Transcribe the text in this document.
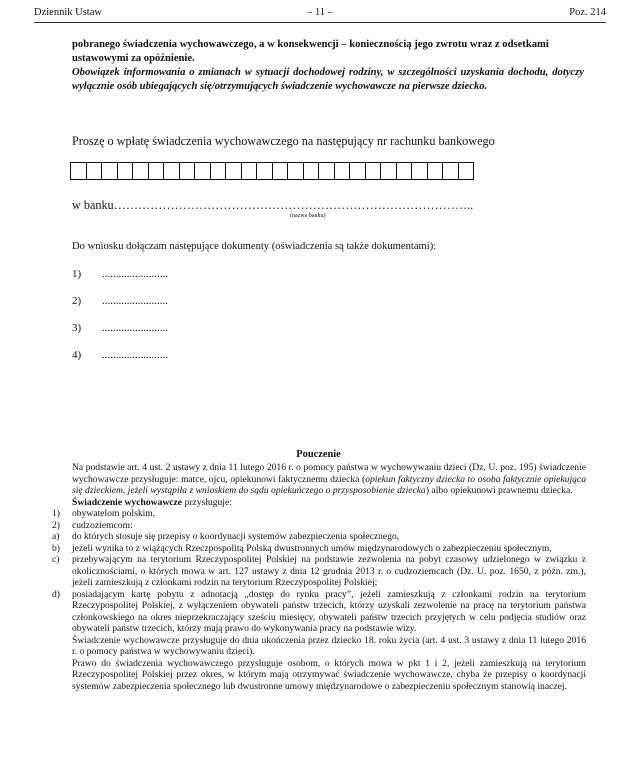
Dziennik Ustaw	– 11 –	Poz. 214

pobranego świadczenia wychowawczego, a w konsekwencji – koniecznością jego zwrotu wraz z odsetkami ustawowymi za opóźnienie.

Obowiązek informowania o zmianach w sytuacji dochodowej rodziny, w szczególności uzyskania dochodu, dotyczy wyłącznie osób ubiegających się/otrzymujących świadczenie wychowawcze na pierwsze dziecko.

Proszę o wpłatę świadczenia wychowawczego na następujący nr rachunku bankowego
w banku……………………………………………………………………………..
(nazwa banku)
Do wniosku dołączam następujące dokumenty (oświadczenia są także dokumentami):
1) ........................
2) ........................
3) ........................
4) ........................
Pouczenie

Na podstawie art. 4 ust. 2 ustawy z dnia 11 lutego 2016 r. o pomocy państwa w wychowywaniu dzieci (Dz. U. poz. 195) świadczenie wychowawcze przysługuje: matce, ojcu, opiekunowi faktycznemu dziecka (opiekun faktyczny dziecka to osoba faktycznie opiekująca się dzieckiem, jeżeli wystąpiła z wnioskiem do sądu opiekuńczego o przysposobienie dziecka) albo opiekunowi prawnemu dziecka.

Świadczenie wychowawcze przysługuje:

1)	obywatelom polskim,
2)	cudzoziemcom:
a)	do których stosuje się przepisy o koordynacji systemów zabezpieczenia społecznego,
b)	jeżeli wynika to z wiążących Rzeczpospolitą Polską dwustronnych umów międzynarodowych o zabezpieczeniu społecznym,
c)	przebywającym na terytorium Rzeczypospolitej Polskiej na podstawie zezwolenia na pobyt czasowy udzielonego w związku z okolicznościami, o których mowa w art. 127 ustawy z dnia 12 grudnia 2013 r. o cudzoziemcach (Dz. U. poz. 1650, z późn. zm.), jeżeli zamieszkują z członkami rodzin na terytorium Rzeczypospolitej Polskiej;
d)	posiadającym kartę pobytu z adnotacją „dostęp do rynku pracy”, jeżeli zamieszkują z członkami rodzin na terytorium Rzeczypospolitej Polskiej, z wyłączeniem obywateli państw trzecich, którzy uzyskali zezwolenie na pracę na terytorium państwa członkowskiego na okres nieprzekraczający sześciu miesięcy, obywateli państw trzecich przyjętych w celu podjęcia studiów oraz obywateli państw trzecich, którzy mają prawo do wykonywania pracy na podstawie wizy.

Świadczenie wychowawcze przysługuje do dnia ukończenia przez dziecko 18. roku życia (art. 4 ust. 3 ustawy z dnia 11 lutego 2016 r. o pomocy państwa w wychowywaniu dzieci).

Prawo do świadczenia wychowawczego przysługuje osobom, o których mowa w pkt 1 i 2, jeżeli zamieszkują na terytorium Rzeczypospolitej Polskiej przez okres, w którym mają otrzymywać świadczenie wychowawcze, chyba że przepisy o koordynacji systemów zabezpieczenia społecznego lub dwustronne umowy międzynarodowe o zabezpieczeniu społecznym stanowią inaczej.
